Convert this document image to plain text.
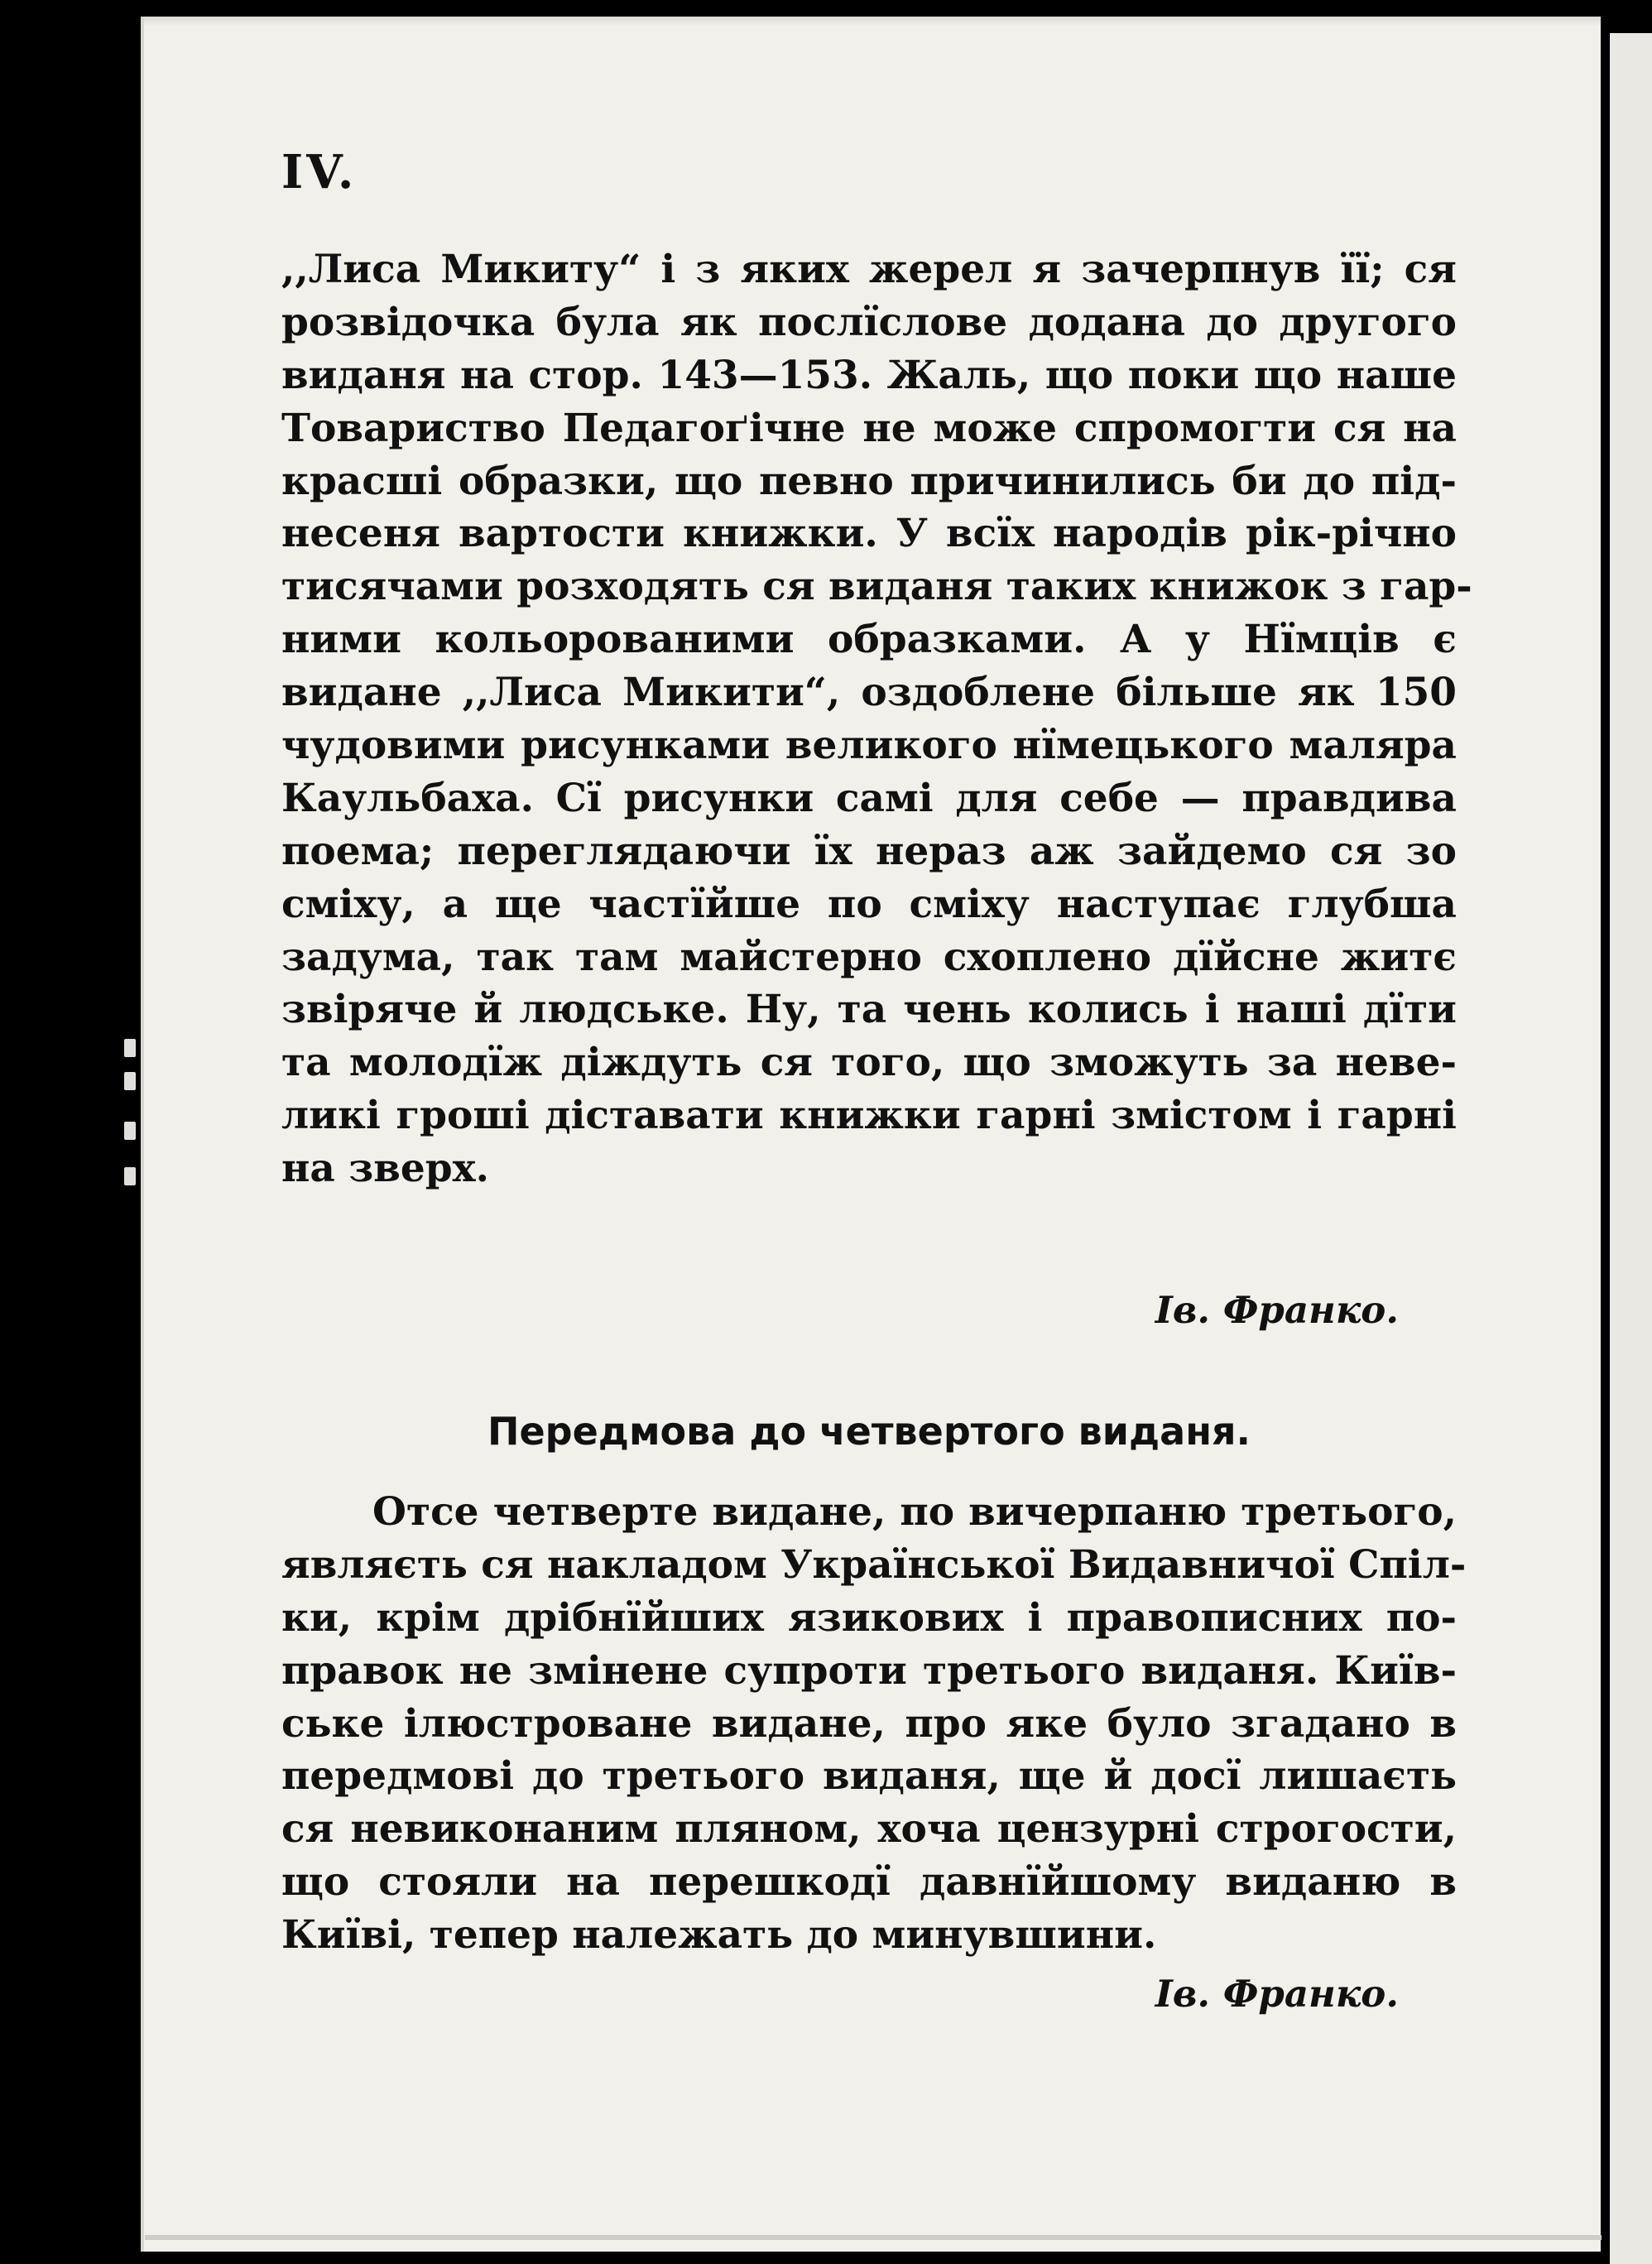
IV.
,,Лиса Микиту“ і з яких жерел я зачерпнув її; ся
розвідочка була як послїслове додана до другого
виданя на стор. 143—153. Жаль, що поки що наше
Товариство Педагоґічне не може спромогти ся на
красші образки, що певно причинились би до під-
несеня вартости книжки. У всїх народів рік-річно
тисячами розходять ся виданя таких книжок з гар-
ними кольорованими образками. А у Нїмців є
видане ,,Лиса Микити“, оздоблене більше як 150
чудовими рисунками великого нїмецького маляра
Каульбаха. Сї рисунки самі для себе — правдива
поема; переглядаючи їх нераз аж зайдемо ся зо
сміху, а ще частїйше по сміху наступає глубша
задума, так там майстерно схоплено дїйсне житє
звіряче й людське. Ну, та чень колись і наші дїти
та молодїж діждуть ся того, що зможуть за неве-
ликі гроші діставати книжки гарні змістом і гарні
на зверх.
Ів. Франко.
Передмова до четвертого виданя.
Отсе четверте видане, по вичерпаню третього,
являєть ся накладом Української Видавничої Спіл-
ки, крім дрібнїйших язикових і правописних по-
правок не змінене супроти третього виданя. Київ-
ське ілюстроване видане, про яке було згадано в
передмові до третього виданя, ще й досї лишаєть
ся невиконаним пляном, хоча цензурні строгости,
що стояли на перешкодї давнїйшому виданю в
Київі, тепер належать до минувшини.
Ів. Франко.
